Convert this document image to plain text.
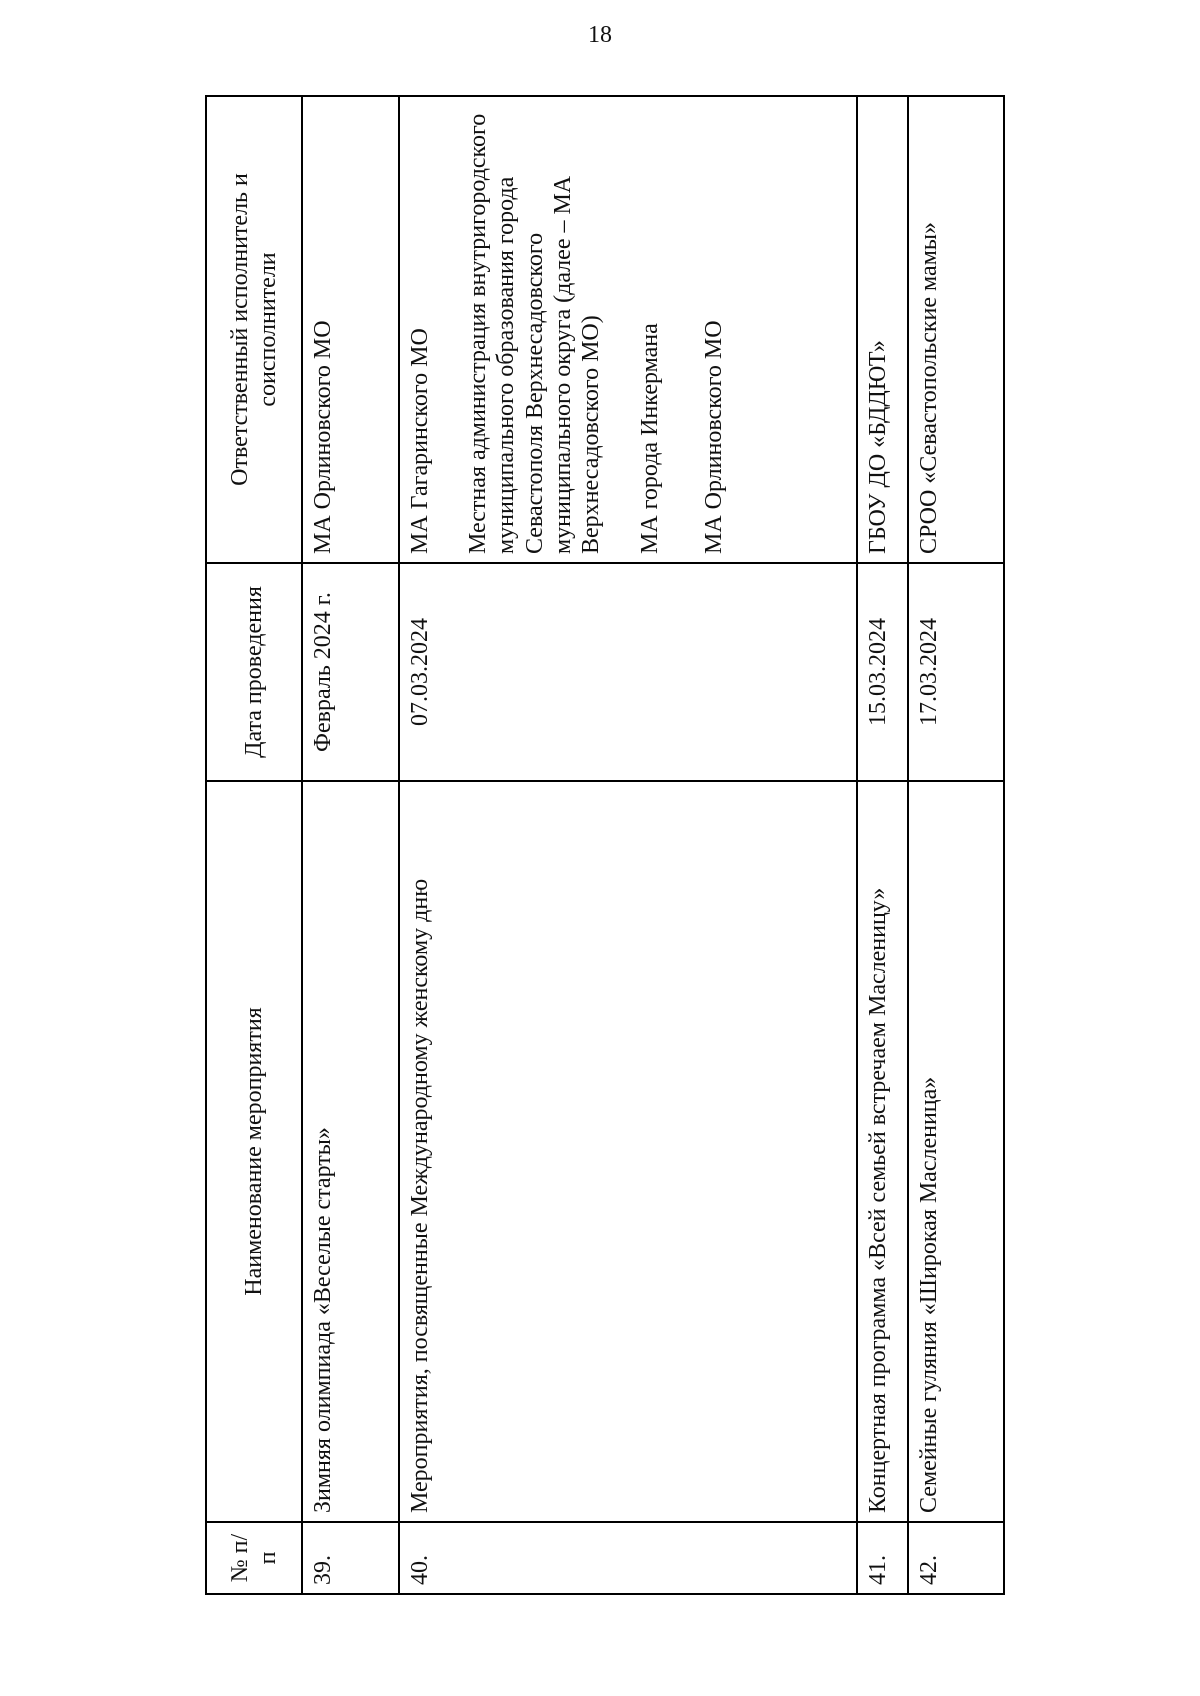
18
№ п/п	Наименование мероприятия	Дата проведения	Ответственный исполнитель и соисполнители
39.	Зимняя олимпиада «Веселые старты»	Февраль 2024 г.	МА Орлиновского МО

40.	Мероприятия, посвященные Международному женскому дню	07.03.2024	МА Гагаринского МО Местная администрация внутригородского муниципального образования города Севастополя Верхнесадовского муниципального округа (далее – МА Верхнесадовского МО) МА города Инкермана МА Орлиновского МО

41.	Концертная программа «Всей семьей встречаем Масленицу»	15.03.2024	ГБОУ ДО «БДДЮТ»

42.	Семейные гуляния «Широкая Масленица»	17.03.2024	СРОО «Севастопольские мамы»
